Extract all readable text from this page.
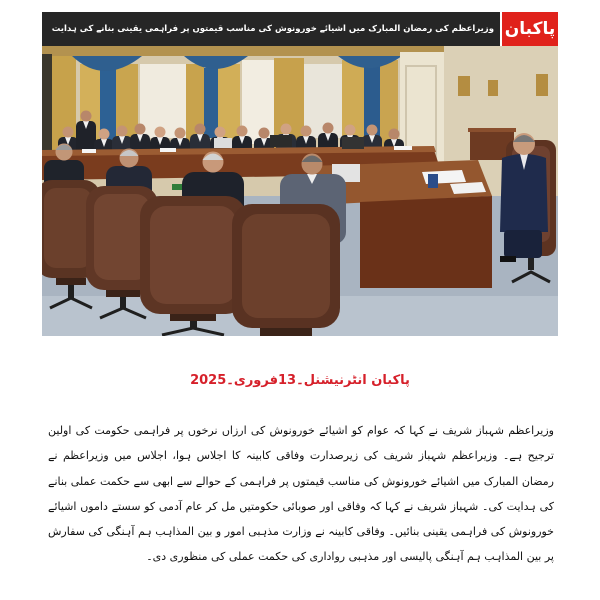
پاکبان
وزیراعظم کی رمضان المبارک میں اشیائے خورونوش کی مناسب قیمتوں پر فراہمی یقینی بنانے کی ہدایت

پاکبان انٹرنیشنل۔13فروری۔2025

وزیراعظم شہباز شریف نے کہا کہ عوام کو اشیائے خورونوش کی ارزاں نرخوں پر فراہمی حکومت کی اولین ترجیح ہے۔ وزیراعظم شہباز شریف کی زیرصدارت وفاقی کابینہ کا اجلاس ہوا، اجلاس میں وزیراعظم نے رمضان المبارک میں اشیائے خورونوش کی مناسب قیمتوں پر فراہمی کے حوالے سے ابھی سے حکمت عملی بنانے کی ہدایت کی۔ شہباز شریف نے کہا کہ وفاقی اور صوبائی حکومتیں مل کر عام آدمی کو سستے داموں اشیائے خورونوش کی فراہمی یقینی بنائیں۔ وفاقی کابینہ نے وزارت مذہبی امور و بین المذاہب ہم آہنگی کی سفارش پر بین المذاہب ہم آہنگی پالیسی اور مذہبی رواداری کی حکمت عملی کی منظوری دی۔
